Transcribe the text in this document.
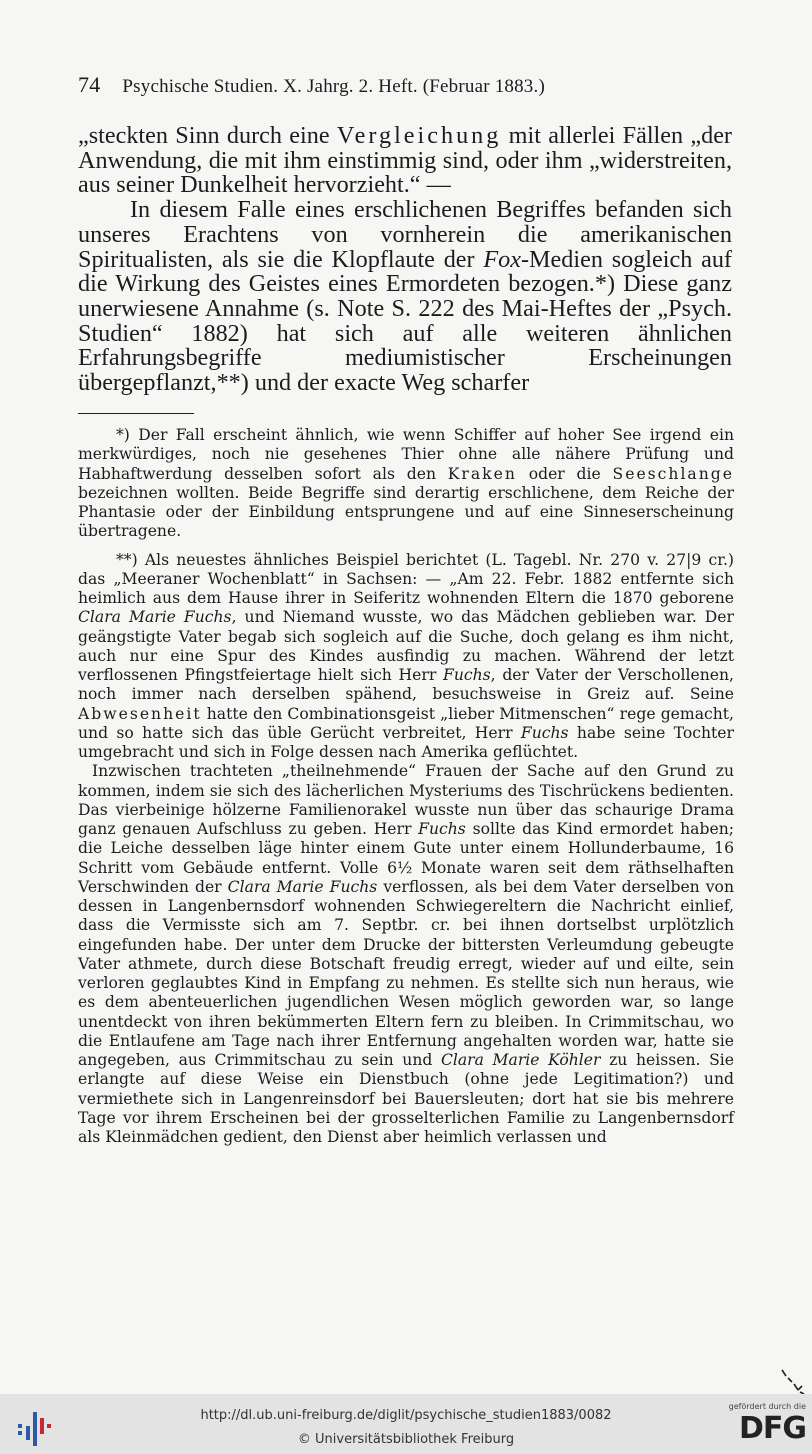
74 Psychische Studien. X. Jahrg. 2. Heft. (Februar 1883.)

„steckten Sinn durch eine Vergleichung mit allerlei Fällen „der Anwendung, die mit ihm einstimmig sind, oder ihm „widerstreiten, aus seiner Dunkelheit hervorzieht.“ —

In diesem Falle eines erschlichenen Begriffes befanden sich unseres Erachtens von vornherein die amerikanischen Spiritualisten, als sie die Klopflaute der Fox-Medien sogleich auf die Wirkung des Geistes eines Ermordeten bezogen.*) Diese ganz unerwiesene Annahme (s. Note S. 222 des Mai-Heftes der „Psych. Studien“ 1882) hat sich auf alle weiteren ähnlichen Erfahrungsbegriffe mediumistischer Erscheinungen übergepflanzt,**) und der exacte Weg scharfer

*) Der Fall erscheint ähnlich, wie wenn Schiffer auf hoher See irgend ein merkwürdiges, noch nie gesehenes Thier ohne alle nähere Prüfung und Habhaftwerdung desselben sofort als den Kraken oder die Seeschlange bezeichnen wollten. Beide Begriffe sind derartig erschlichene, dem Reiche der Phantasie oder der Einbildung entsprungene und auf eine Sinneserscheinung übertragene.

**) Als neuestes ähnliches Beispiel berichtet (L. Tagebl. Nr. 270 v. 27|9 cr.) das „Meeraner Wochenblatt“ in Sachsen: — „Am 22. Febr. 1882 entfernte sich heimlich aus dem Hause ihrer in Seiferitz wohnenden Eltern die 1870 geborene Clara Marie Fuchs, und Niemand wusste, wo das Mädchen geblieben war. Der geängstigte Vater begab sich sogleich auf die Suche, doch gelang es ihm nicht, auch nur eine Spur des Kindes ausfindig zu machen. Während der letzt verflossenen Pfingstfeiertage hielt sich Herr Fuchs, der Vater der Verschollenen, noch immer nach derselben spähend, besuchsweise in Greiz auf. Seine Abwesenheit hatte den Combinationsgeist „lieber Mitmenschen“ rege gemacht, und so hatte sich das üble Gerücht verbreitet, Herr Fuchs habe seine Tochter umgebracht und sich in Folge dessen nach Amerika geflüchtet.

Inzwischen trachteten „theilnehmende“ Frauen der Sache auf den Grund zu kommen, indem sie sich des lächerlichen Mysteriums des Tischrückens bedienten. Das vierbeinige hölzerne Familienorakel wusste nun über das schaurige Drama ganz genauen Aufschluss zu geben. Herr Fuchs sollte das Kind ermordet haben; die Leiche desselben läge hinter einem Gute unter einem Hollunderbaume, 16 Schritt vom Gebäude entfernt. Volle 6½ Monate waren seit dem räthselhaften Verschwinden der Clara Marie Fuchs verflossen, als bei dem Vater derselben von dessen in Langenbernsdorf wohnenden Schwiegereltern die Nachricht einlief, dass die Vermisste sich am 7. Septbr. cr. bei ihnen dortselbst urplötzlich eingefunden habe. Der unter dem Drucke der bittersten Verleumdung gebeugte Vater athmete, durch diese Botschaft freudig erregt, wieder auf und eilte, sein verloren geglaubtes Kind in Empfang zu nehmen. Es stellte sich nun heraus, wie es dem abenteuerlichen jugendlichen Wesen möglich geworden war, so lange unentdeckt von ihren bekümmerten Eltern fern zu bleiben. In Crimmitschau, wo die Entlaufene am Tage nach ihrer Entfernung angehalten worden war, hatte sie angegeben, aus Crimmitschau zu sein und Clara Marie Köhler zu heissen. Sie erlangte auf diese Weise ein Dienstbuch (ohne jede Legitimation?) und vermiethete sich in Langenreinsdorf bei Bauersleuten; dort hat sie bis mehrere Tage vor ihrem Erscheinen bei der grosselterlichen Familie zu Langenbernsdorf als Kleinmädchen gedient, den Dienst aber heimlich verlassen und

http://dl.ub.uni-freiburg.de/diglit/psychische_studien1883/0082
© Universitätsbibliothek Freiburg
gefördert durch die
DFG
